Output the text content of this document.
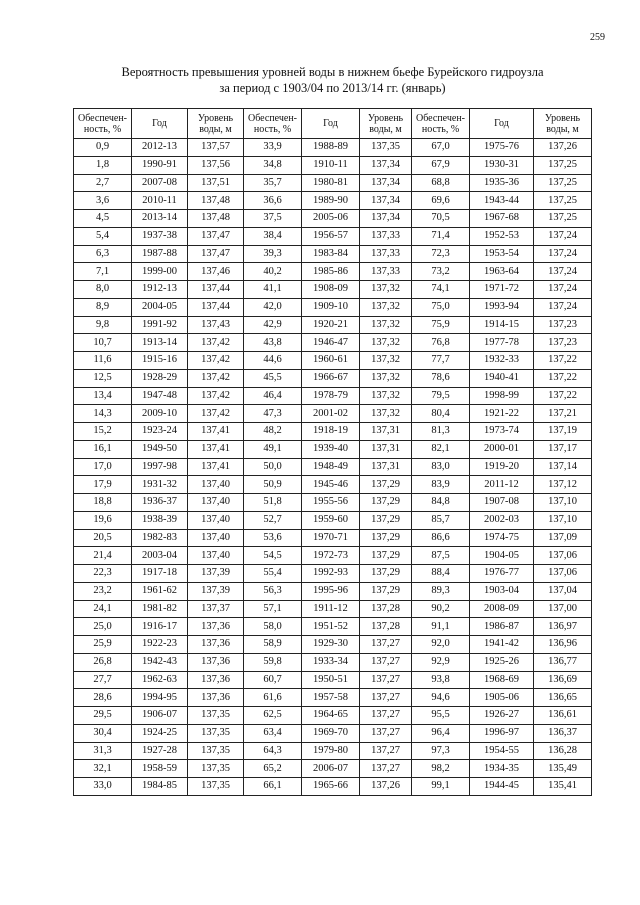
259
Вероятность превышения уровней воды в нижнем бьефе Бурейского гидроузла
за период с 1903/04 по 2013/14 гг. (январь)
Обеспечен-ность, %	Год	Уровень воды, м	Обеспечен-ность, %	Год	Уровень воды, м	Обеспечен-ность, %	Год	Уровень воды, м
0,9	2012-13	137,57	33,9	1988-89	137,35	67,0	1975-76	137,26
1,8	1990-91	137,56	34,8	1910-11	137,34	67,9	1930-31	137,25
2,7	2007-08	137,51	35,7	1980-81	137,34	68,8	1935-36	137,25
3,6	2010-11	137,48	36,6	1989-90	137,34	69,6	1943-44	137,25
4,5	2013-14	137,48	37,5	2005-06	137,34	70,5	1967-68	137,25
5,4	1937-38	137,47	38,4	1956-57	137,33	71,4	1952-53	137,24
6,3	1987-88	137,47	39,3	1983-84	137,33	72,3	1953-54	137,24
7,1	1999-00	137,46	40,2	1985-86	137,33	73,2	1963-64	137,24
8,0	1912-13	137,44	41,1	1908-09	137,32	74,1	1971-72	137,24
8,9	2004-05	137,44	42,0	1909-10	137,32	75,0	1993-94	137,24
9,8	1991-92	137,43	42,9	1920-21	137,32	75,9	1914-15	137,23
10,7	1913-14	137,42	43,8	1946-47	137,32	76,8	1977-78	137,23
11,6	1915-16	137,42	44,6	1960-61	137,32	77,7	1932-33	137,22
12,5	1928-29	137,42	45,5	1966-67	137,32	78,6	1940-41	137,22
13,4	1947-48	137,42	46,4	1978-79	137,32	79,5	1998-99	137,22
14,3	2009-10	137,42	47,3	2001-02	137,32	80,4	1921-22	137,21
15,2	1923-24	137,41	48,2	1918-19	137,31	81,3	1973-74	137,19
16,1	1949-50	137,41	49,1	1939-40	137,31	82,1	2000-01	137,17
17,0	1997-98	137,41	50,0	1948-49	137,31	83,0	1919-20	137,14
17,9	1931-32	137,40	50,9	1945-46	137,29	83,9	2011-12	137,12
18,8	1936-37	137,40	51,8	1955-56	137,29	84,8	1907-08	137,10
19,6	1938-39	137,40	52,7	1959-60	137,29	85,7	2002-03	137,10
20,5	1982-83	137,40	53,6	1970-71	137,29	86,6	1974-75	137,09
21,4	2003-04	137,40	54,5	1972-73	137,29	87,5	1904-05	137,06
22,3	1917-18	137,39	55,4	1992-93	137,29	88,4	1976-77	137,06
23,2	1961-62	137,39	56,3	1995-96	137,29	89,3	1903-04	137,04
24,1	1981-82	137,37	57,1	1911-12	137,28	90,2	2008-09	137,00
25,0	1916-17	137,36	58,0	1951-52	137,28	91,1	1986-87	136,97
25,9	1922-23	137,36	58,9	1929-30	137,27	92,0	1941-42	136,96
26,8	1942-43	137,36	59,8	1933-34	137,27	92,9	1925-26	136,77
27,7	1962-63	137,36	60,7	1950-51	137,27	93,8	1968-69	136,69
28,6	1994-95	137,36	61,6	1957-58	137,27	94,6	1905-06	136,65
29,5	1906-07	137,35	62,5	1964-65	137,27	95,5	1926-27	136,61
30,4	1924-25	137,35	63,4	1969-70	137,27	96,4	1996-97	136,37
31,3	1927-28	137,35	64,3	1979-80	137,27	97,3	1954-55	136,28
32,1	1958-59	137,35	65,2	2006-07	137,27	98,2	1934-35	135,49
33,0	1984-85	137,35	66,1	1965-66	137,26	99,1	1944-45	135,41
